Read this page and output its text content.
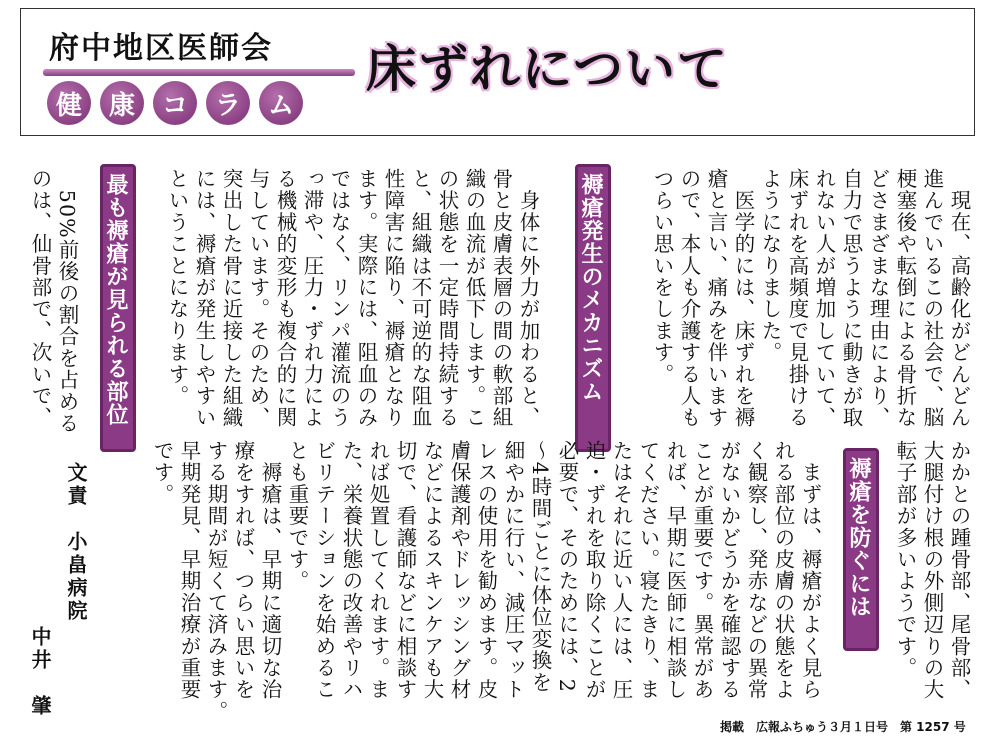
府中地区医師会
健	康	コ	ラ	ム
床ずれについて
　現在、高齢化がどんどん
進んでいるこの社会で、脳
梗塞後や転倒による骨折な
どさまざまな理由により、
自力で思うように動きが取
れない人が増加していて、
床ずれを高頻度で見掛ける
ようになりました。
　医学的には、床ずれを褥
瘡と言い、痛みを伴います
ので、本人も介護する人も
つらい思いをします。
褥瘡発生のメカニズム
　身体に外力が加わると、
骨と皮膚表層の間の軟部組
織の血流が低下します。こ
の状態を一定時間持続する
と、組織は不可逆的な阻血
性障害に陥り、褥瘡となり
ます。実際には、阻血のみ
ではなく、リンパ灌流のう
っ滞や、圧力・ずれ力によ
る機械的変形も複合的に関
与しています。そのため、
突出した骨に近接した組織
には、褥瘡が発生しやすい
ということになります。
最も褥瘡が見られる部位
　50%前後の割合を占める
のは、仙骨部で、次いで、
かかとの踵骨部、尾骨部、
大腿付け根の外側辺りの大
転子部が多いようです。
褥瘡を防ぐには
　まずは、褥瘡がよく見ら
れる部位の皮膚の状態をよ
く観察し、発赤などの異常
がないかどうかを確認する
ことが重要です。異常があ
れば、早期に医師に相談し
てください。寝たきり、ま
たはそれに近い人には、圧
迫・ずれを取り除くことが
必要で、そのためには、2
～4時間ごとに体位変換を
細やかに行い、減圧マット
レスの使用を勧めます。皮
膚保護剤やドレッシング材
などによるスキンケアも大
切で、看護師などに相談す
れば処置してくれます。ま
た、栄養状態の改善やリハ
ビリテーションを始めるこ
とも重要です。
　褥瘡は、早期に適切な治
療をすれば、つらい思いを
する期間が短くて済みます。
早期発見、早期治療が重要
です。
文責　小畠病院
中井　肇
掲載　広報ふちゅう３月１日号　第 1257 号
